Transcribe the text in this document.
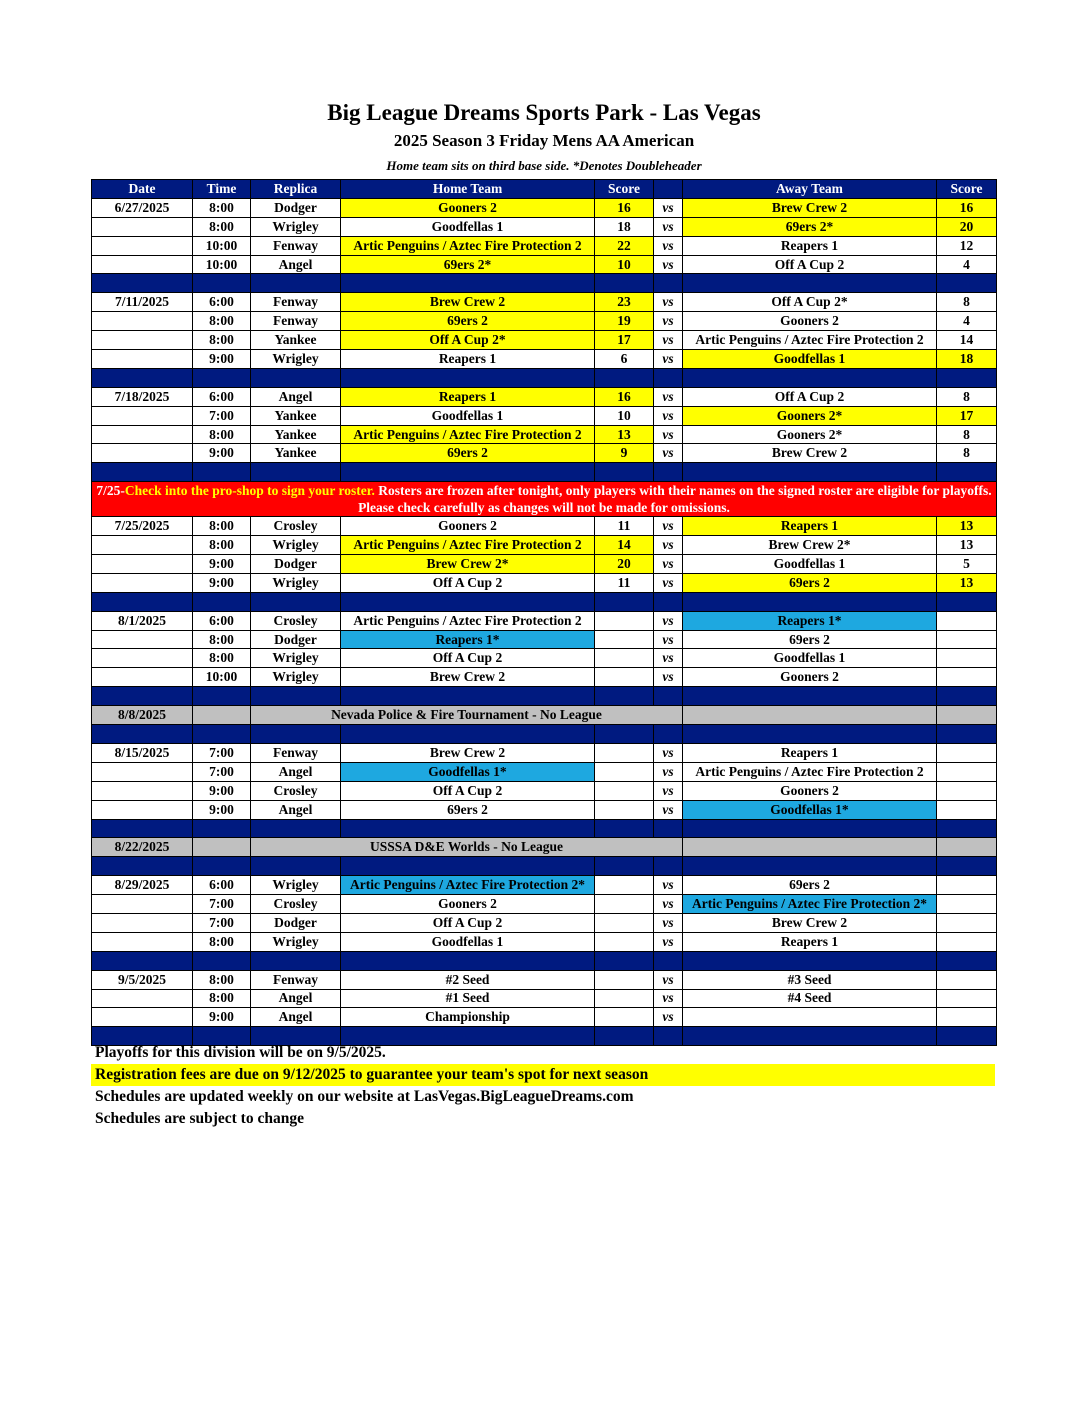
Big League Dreams Sports Park - Las Vegas
2025 Season 3 Friday Mens AA American
Home team sits on third base side. *Denotes Doubleheader
Date	Time	Replica	Home Team	Score		Away Team	Score
6/27/2025	8:00	Dodger	Gooners 2	16	vs	Brew Crew 2	16
	8:00	Wrigley	Goodfellas 1	18	vs	69ers 2*	20
	10:00	Fenway	Artic Penguins / Aztec Fire Protection 2	22	vs	Reapers 1	12
	10:00	Angel	69ers 2*	10	vs	Off A Cup 2	4

7/11/2025	6:00	Fenway	Brew Crew 2	23	vs	Off A Cup 2*	8
	8:00	Fenway	69ers 2	19	vs	Gooners 2	4
	8:00	Yankee	Off A Cup 2*	17	vs	Artic Penguins / Aztec Fire Protection 2	14
	9:00	Wrigley	Reapers 1	6	vs	Goodfellas 1	18

7/18/2025	6:00	Angel	Reapers 1	16	vs	Off A Cup 2	8
	7:00	Yankee	Goodfellas 1	10	vs	Gooners 2*	17
	8:00	Yankee	Artic Penguins / Aztec Fire Protection 2	13	vs	Gooners 2*	8
	9:00	Yankee	69ers 2	9	vs	Brew Crew 2	8

7/25-Check into the pro-shop to sign your roster. Rosters are frozen after tonight, only players with their names on the signed roster are eligible for playoffs. Please check carefully as changes will not be made for omissions.							
7/25/2025	8:00	Crosley	Gooners 2	11	vs	Reapers 1	13
	8:00	Wrigley	Artic Penguins / Aztec Fire Protection 2	14	vs	Brew Crew 2*	13
	9:00	Dodger	Brew Crew 2*	20	vs	Goodfellas 1	5
	9:00	Wrigley	Off A Cup 2	11	vs	69ers 2	13

8/1/2025	6:00	Crosley	Artic Penguins / Aztec Fire Protection 2		vs	Reapers 1*	
	8:00	Dodger	Reapers 1*		vs	69ers 2	
	8:00	Wrigley	Off A Cup 2		vs	Goodfellas 1	
	10:00	Wrigley	Brew Crew 2		vs	Gooners 2	

8/8/2025		Nevada Police & Fire Tournament - No League					

8/15/2025	7:00	Fenway	Brew Crew 2		vs	Reapers 1	
	7:00	Angel	Goodfellas 1*		vs	Artic Penguins / Aztec Fire Protection 2	
	9:00	Crosley	Off A Cup 2		vs	Gooners 2	
	9:00	Angel	69ers 2		vs	Goodfellas 1*	

8/22/2025		USSSA D&E Worlds - No League					

8/29/2025	6:00	Wrigley	Artic Penguins / Aztec Fire Protection 2*		vs	69ers 2	
	7:00	Crosley	Gooners 2		vs	Artic Penguins / Aztec Fire Protection 2*	
	7:00	Dodger	Off A Cup 2		vs	Brew Crew 2	
	8:00	Wrigley	Goodfellas 1		vs	Reapers 1	

9/5/2025	8:00	Fenway	#2 Seed		vs	#3 Seed	
	8:00	Angel	#1 Seed		vs	#4 Seed	
	9:00	Angel	Championship		vs		

Playoffs for this division will be on 9/5/2025.
Registration fees are due on 9/12/2025 to guarantee your team's spot for next season
Schedules are updated weekly on our website at LasVegas.BigLeagueDreams.com
Schedules are subject to change
